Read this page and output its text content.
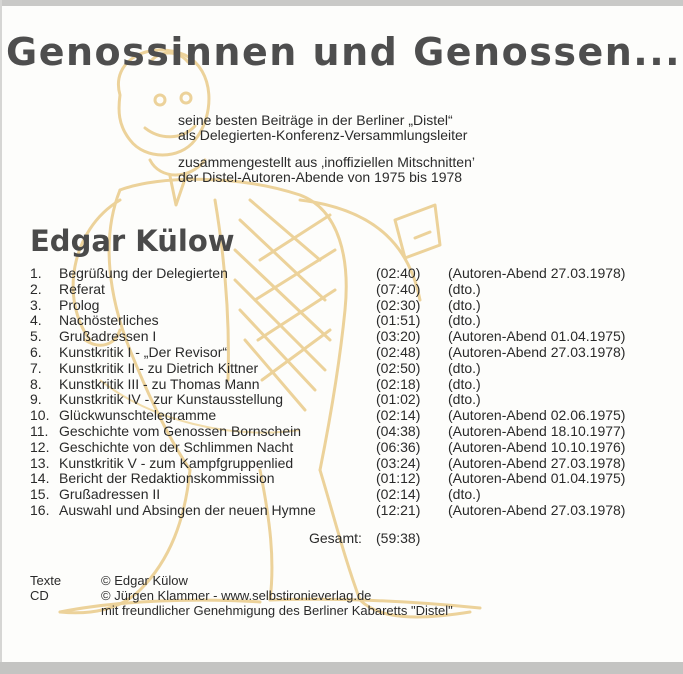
Genossinnen und Genossen...
seine besten Beiträge in der Berliner „Distel“
als Delegierten-Konferenz-Versammlungsleiter
zusammengestellt aus ‚inoffiziellen Mitschnitten’
der Distel-Autoren-Abende von 1975 bis 1978
Edgar Külow
1. Begrüßung der Delegierten	(02:40) (Autoren-Abend 27.03.1978)
2. Referat	(07:40) (dto.)
3. Prolog	(02:30) (dto.)
4. Nachösterliches	(01:51) (dto.)
5. Grußadressen I	(03:20) (Autoren-Abend 01.04.1975)
6. Kunstkritik I - „Der Revisor“	(02:48) (Autoren-Abend 27.03.1978)
7. Kunstkritik II - zu Dietrich Kittner	(02:50) (dto.)
8. Kunstkritik III - zu Thomas Mann	(02:18) (dto.)
9. Kunstkritik IV - zur Kunstausstellung	(01:02) (dto.)
10. Glückwunschtelegramme	(02:14) (Autoren-Abend 02.06.1975)
11. Geschichte vom Genossen Bornschein	(04:38) (Autoren-Abend 18.10.1977)
12. Geschichte von der Schlimmen Nacht	(06:36) (Autoren-Abend 10.10.1976)
13. Kunstkritik V - zum Kampfgruppenlied	(03:24) (Autoren-Abend 27.03.1978)
14. Bericht der Redaktionskommission	(01:12) (Autoren-Abend 01.04.1975)
15. Grußadressen II	(02:14) (dto.)
16. Auswahl und Absingen der neuen Hymne	(12:21) (Autoren-Abend 27.03.1978)
Gesamt: (59:38)
Texte	© Edgar Külow
CD	© Jürgen Klammer - www.selbstironieverlag.de
mit freundlicher Genehmigung des Berliner Kabaretts "Distel"
